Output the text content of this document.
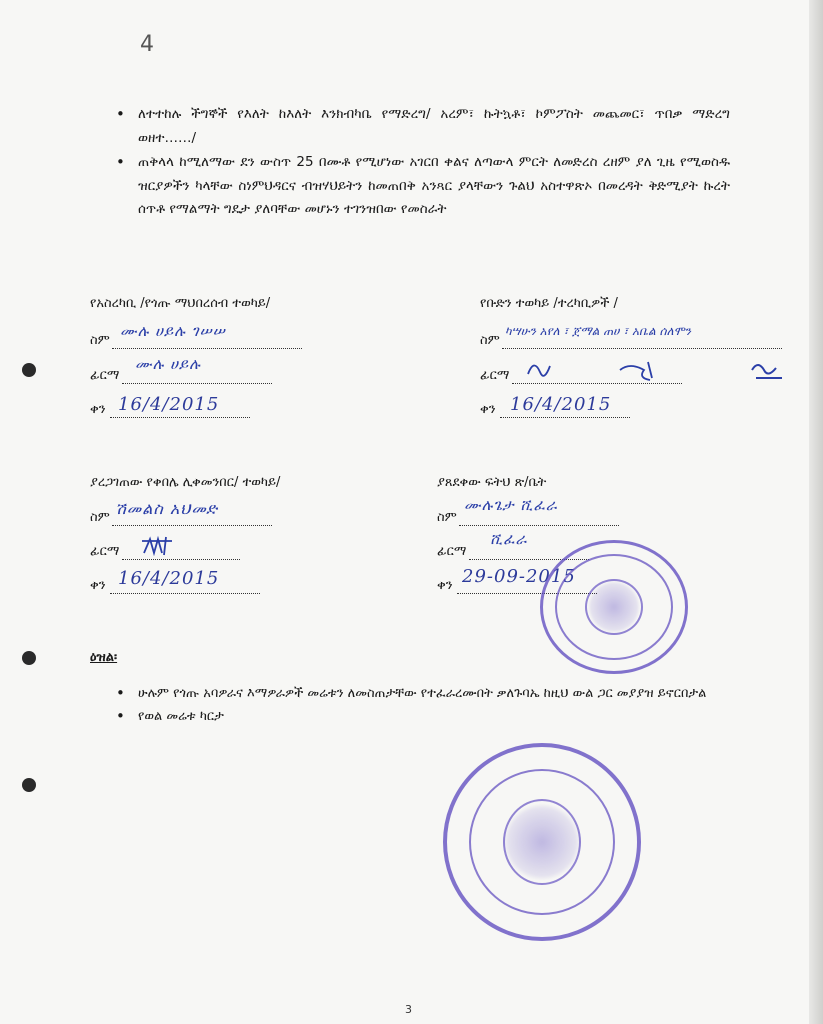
4
• ለተተከሉ ችግኞች የእለት ከእለት እንክብካቤ የማድረግ/ አረም፣ ኩትኳቶ፣ ኮምፖስት መጨመር፣ ጥበቃ ማድረግ ወዘተ……/
• ጠቅላላ ከሚለማው ደን ውስጥ 25 በሙቶ የሚሆነው አገርበ ቀልና ለጣውላ ምርት ለመድረስ ረዘም ያለ ጊዜ የሚወስዱ ዝርያዎችን ካላቸው ስነምህዳርና ብዝሃህይትን ከመጠበቅ አንጻር ያላቸውን ጉልህ አስተዋጽኦ በመረዳት ቅድሚያት ኩረት ሰጥቶ የማልማት ግዴታ ያለባቸው መሆኑን ተገንዝበው የመስራት
የአስረካቢ /የጎጡ ማህበረሰብ ተወካይ/
ስም
ሙሉ ሀይሉ ገሠሠ
ፊርማ
ሙሉ ሀይሉ
ቀን 16/4/2015
የቡድን ተወካይ /ተረካቢዎች /
ስም
ካሣሁን አየለ ፣ ጀማል ጠሀ ፣ አቤል ሰለሞን
ፊርማ
ቀን 16/4/2015
ያረጋገጠው የቀበሌ ሊቀመንበር/ ተወካይ/
ስም ሽመልስ አህመድ
ፊርማ
ቀን 16/4/2015
ያጸደቀው ፍትህ ጽ/ቤት
ስም
ሙሉጌታ ሺፈራ
ፊርማ
ሺፈራ
ቀን 29-09-2015
ዕዝል፡
• ሁሉም የጎጡ አባዎራና እማዎራዎች መሬቱን ለመስጠታቸው የተፈራረሙበት ቃለጉባኤ ከዚህ ውል ጋር መያያዝ ይኖርበታል
• የወል መሬቱ ካርታ
3
